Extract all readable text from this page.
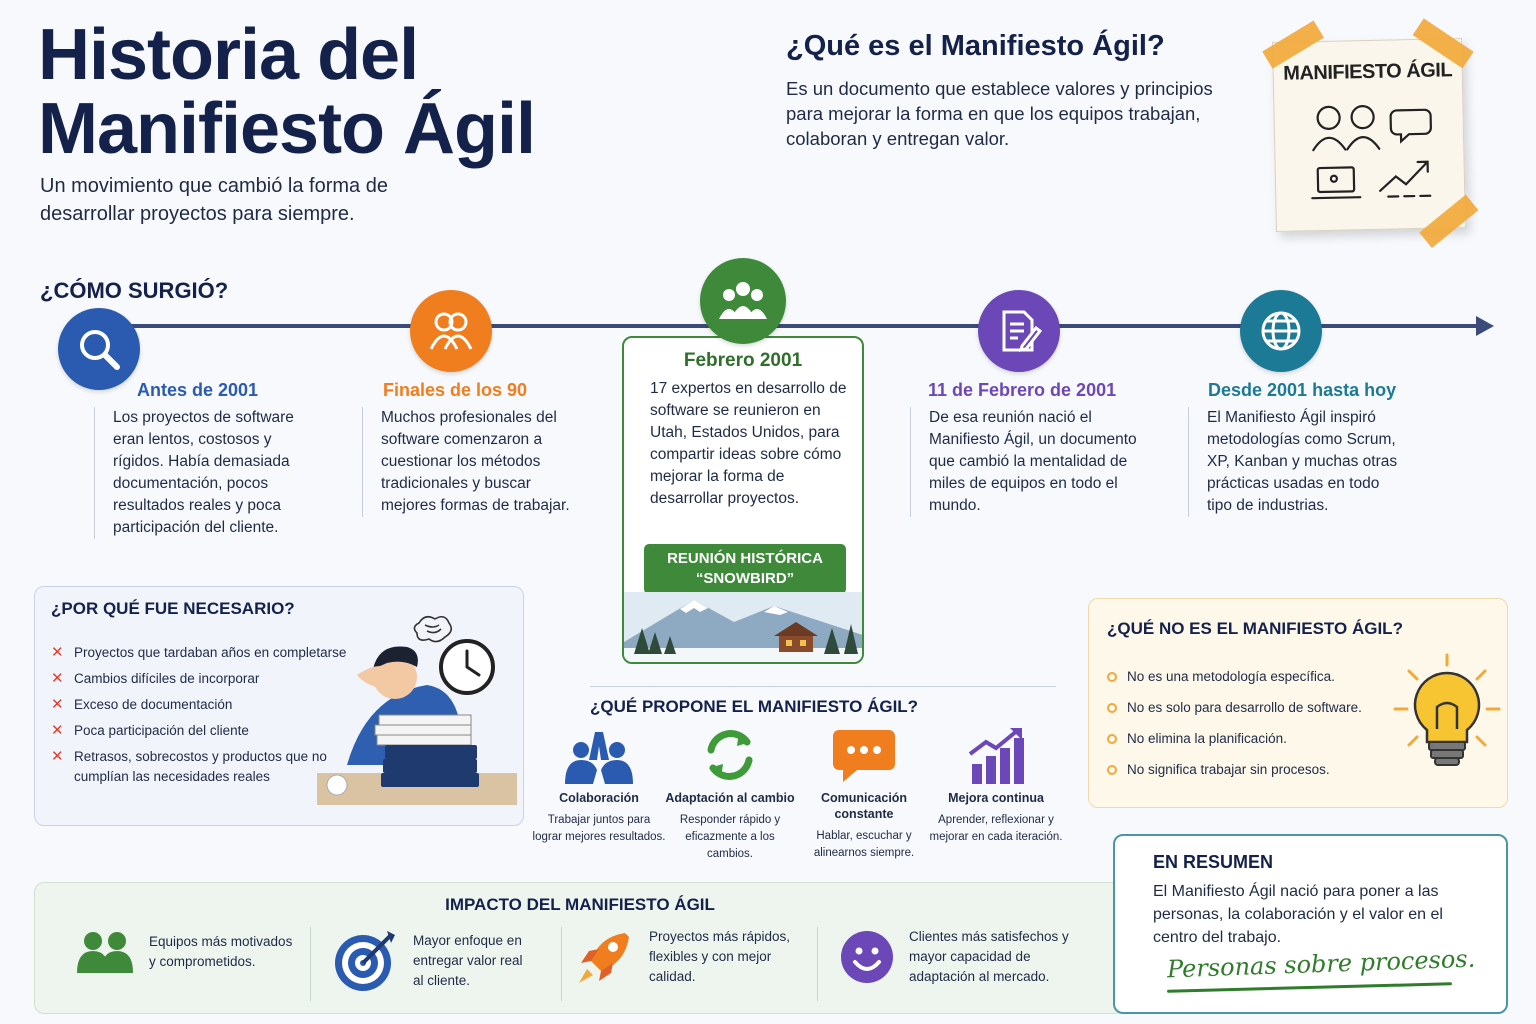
Historia del
Manifiesto Ágil
Un movimiento que cambió la forma de desarrollar proyectos para siempre.
¿Qué es el Manifiesto Ágil?
Es un documento que establece valores y principios para mejorar la forma en que los equipos trabajan, colaboran y entregan valor.
MANIFIESTO ÁGIL
¿CÓMO SURGIÓ?
Antes de 2001
Los proyectos de software eran lentos, costosos y rígidos. Había demasiada documentación, pocos resultados reales y poca participación del cliente.
Finales de los 90
Muchos profesionales del software comenzaron a cuestionar los métodos tradicionales y buscar mejores formas de trabajar.
Febrero 2001
17 expertos en desarrollo de software se reunieron en Utah, Estados Unidos, para compartir ideas sobre cómo mejorar la forma de desarrollar proyectos.
REUNIÓN HISTÓRICA “SNOWBIRD”
11 de Febrero de 2001
De esa reunión nació el Manifiesto Ágil, un documento que cambió la mentalidad de miles de equipos en todo el mundo.
Desde 2001 hasta hoy
El Manifiesto Ágil inspiró metodologías como Scrum, XP, Kanban y muchas otras prácticas usadas en todo tipo de industrias.
¿POR QUÉ FUE NECESARIO?
✕ Proyectos que tardaban años en completarse
✕ Cambios difíciles de incorporar
✕ Exceso de documentación
✕ Poca participación del cliente
✕ Retrasos, sobrecostos y productos que no cumplían las necesidades reales
¿QUÉ PROPONE EL MANIFIESTO ÁGIL?
Colaboración
Trabajar juntos para lograr mejores resultados.
Adaptación al cambio
Responder rápido y eficazmente a los cambios.
Comunicación constante
Hablar, escuchar y alinearnos siempre.
Mejora continua
Aprender, reflexionar y mejorar en cada iteración.
¿QUÉ NO ES EL MANIFIESTO ÁGIL?
No es una metodología específica.
No es solo para desarrollo de software.
No elimina la planificación.
No significa trabajar sin procesos.
IMPACTO DEL MANIFIESTO ÁGIL
Equipos más motivados y comprometidos.
Mayor enfoque en entregar valor real al cliente.
Proyectos más rápidos, flexibles y con mejor calidad.
Clientes más satisfechos y mayor capacidad de adaptación al mercado.
EN RESUMEN
El Manifiesto Ágil nació para poner a las personas, la colaboración y el valor en el centro del trabajo.
Personas sobre procesos.
